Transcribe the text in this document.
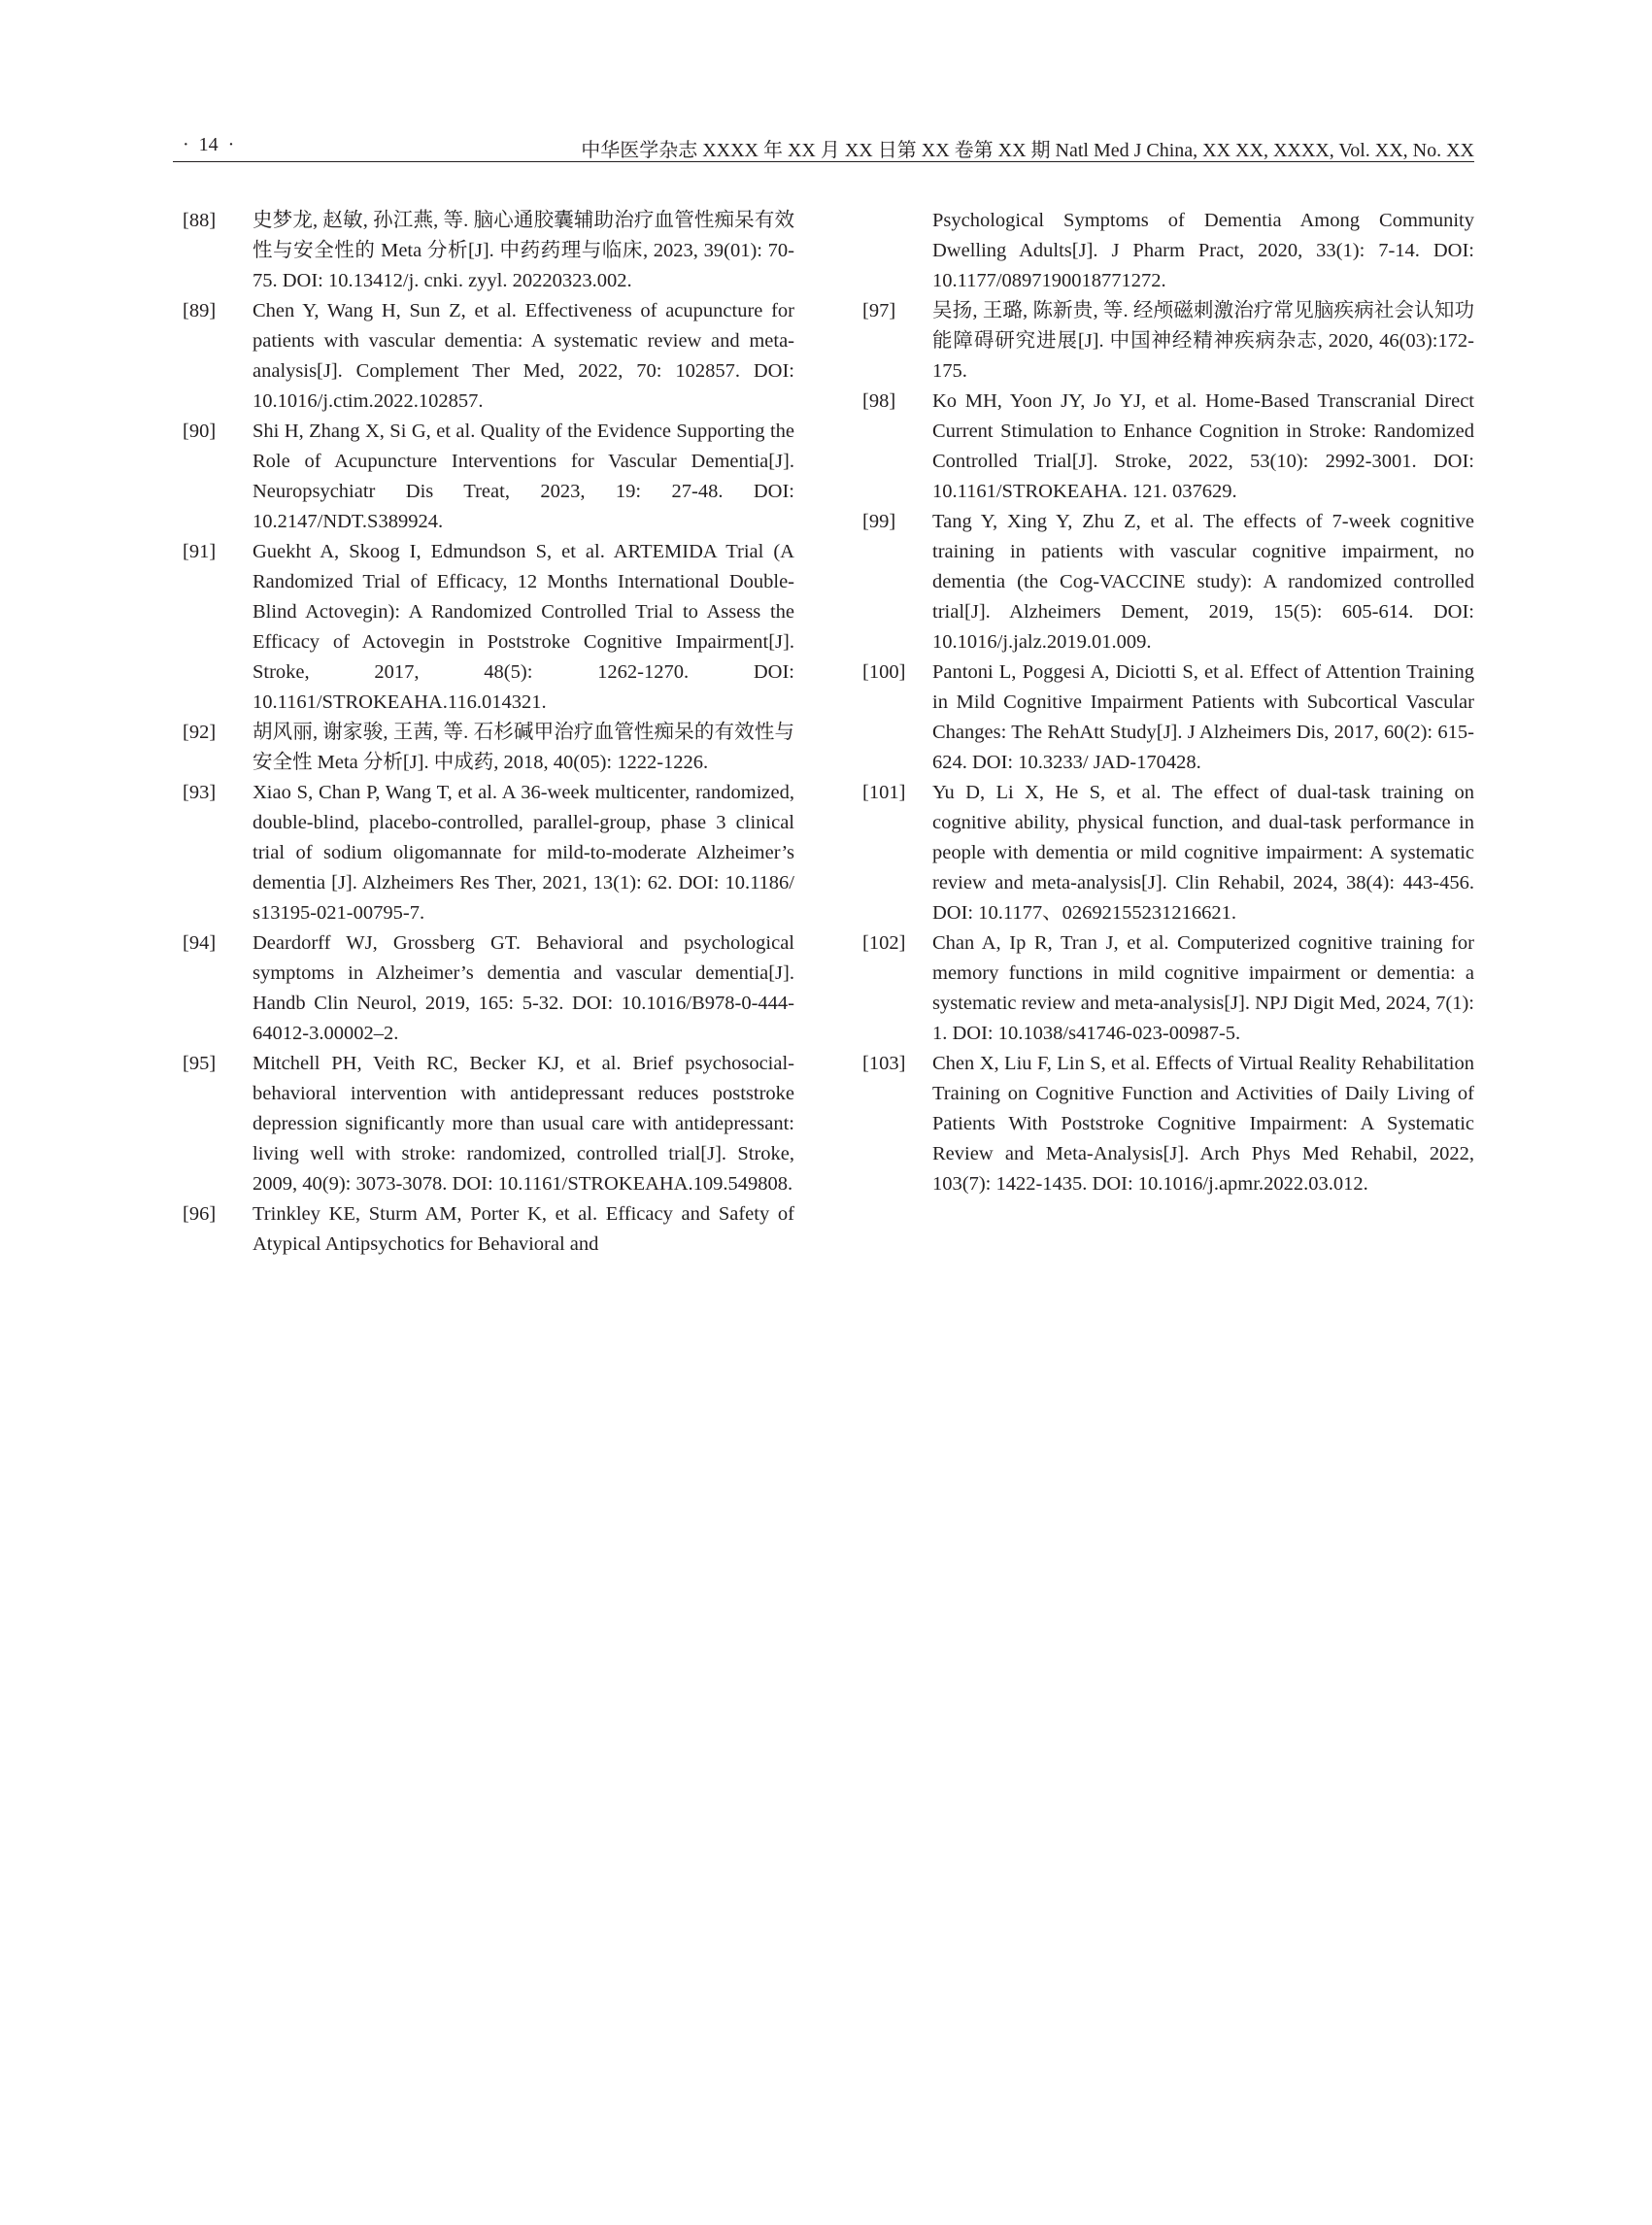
· 14 ·	中华医学杂志 XXXX 年 XX 月 XX 日第 XX 卷第 XX 期 Natl Med J China, XX XX, XXXX, Vol. XX, No. XX
[88]	史梦龙, 赵敏, 孙江燕, 等. 脑心通胶囊辅助治疗血管性痴呆有效性与安全性的 Meta 分析[J]. 中药药理与临床, 2023, 39(01): 70-75. DOI: 10.13412/j. cnki. zyyl. 20220323.002.
[89]	Chen Y, Wang H, Sun Z, et al. Effectiveness of acupuncture for patients with vascular dementia: A systematic review and meta-analysis[J]. Complement Ther Med, 2022, 70: 102857. DOI: 10.1016/j.ctim.2022.102857.
[90]	Shi H, Zhang X, Si G, et al. Quality of the Evidence Supporting the Role of Acupuncture Interventions for Vascular Dementia[J]. Neuropsychiatr Dis Treat, 2023, 19: 27-48. DOI: 10.2147/NDT.S389924.
[91]	Guekht A, Skoog I, Edmundson S, et al. ARTEMIDA Trial (A Randomized Trial of Efficacy, 12 Months International Double-Blind Actovegin): A Randomized Controlled Trial to Assess the Efficacy of Actovegin in Poststroke Cognitive Impairment[J]. Stroke, 2017, 48(5): 1262-1270. DOI: 10.1161/STROKEAHA.116.014321.
[92]	胡风丽, 谢家骏, 王茜, 等. 石杉碱甲治疗血管性痴呆的有效性与安全性 Meta 分析[J]. 中成药, 2018, 40(05): 1222-1226.
[93]	Xiao S, Chan P, Wang T, et al. A 36-week multicenter, randomized, double-blind, placebo-controlled, parallel-group, phase 3 clinical trial of sodium oligomannate for mild-to-moderate Alzheimer’s dementia [J]. Alzheimers Res Ther, 2021, 13(1): 62. DOI: 10.1186/ s13195-021-00795-7.
[94]	Deardorff WJ, Grossberg GT. Behavioral and psychological symptoms in Alzheimer’s dementia and vascular dementia[J]. Handb Clin Neurol, 2019, 165: 5-32. DOI: 10.1016/B978-0-444-64012-3.00002–2.
[95]	Mitchell PH, Veith RC, Becker KJ, et al. Brief psychosocial-behavioral intervention with antidepressant reduces poststroke depression significantly more than usual care with antidepressant: living well with stroke: randomized, controlled trial[J]. Stroke, 2009, 40(9): 3073-3078. DOI: 10.1161/STROKEAHA.109.549808.
[96]	Trinkley KE, Sturm AM, Porter K, et al. Efficacy and Safety of Atypical Antipsychotics for Behavioral and
Psychological Symptoms of Dementia Among Community Dwelling Adults[J]. J Pharm Pract, 2020, 33(1): 7-14. DOI: 10.1177/0897190018771272.
[97]	吴扬, 王璐, 陈新贵, 等. 经颅磁刺激治疗常见脑疾病社会认知功能障碍研究进展[J]. 中国神经精神疾病杂志, 2020, 46(03):172-175.
[98]	Ko MH, Yoon JY, Jo YJ, et al. Home-Based Transcranial Direct Current Stimulation to Enhance Cognition in Stroke: Randomized Controlled Trial[J]. Stroke, 2022, 53(10): 2992-3001. DOI: 10.1161/STROKEAHA. 121. 037629.
[99]	Tang Y, Xing Y, Zhu Z, et al. The effects of 7-week cognitive training in patients with vascular cognitive impairment, no dementia (the Cog-VACCINE study): A randomized controlled trial[J]. Alzheimers Dement, 2019, 15(5): 605-614. DOI: 10.1016/j.jalz.2019.01.009.
[100]	Pantoni L, Poggesi A, Diciotti S, et al. Effect of Attention Training in Mild Cognitive Impairment Patients with Subcortical Vascular Changes: The RehAtt Study[J]. J Alzheimers Dis, 2017, 60(2): 615-624. DOI: 10.3233/ JAD-170428.
[101]	Yu D, Li X, He S, et al. The effect of dual-task training on cognitive ability, physical function, and dual-task performance in people with dementia or mild cognitive impairment: A systematic review and meta-analysis[J]. Clin Rehabil, 2024, 38(4): 443-456. DOI: 10.1177、02692155231216621.
[102]	Chan A, Ip R, Tran J, et al. Computerized cognitive training for memory functions in mild cognitive impairment or dementia: a systematic review and meta-analysis[J]. NPJ Digit Med, 2024, 7(1): 1. DOI: 10.1038/s41746-023-00987-5.
[103]	Chen X, Liu F, Lin S, et al. Effects of Virtual Reality Rehabilitation Training on Cognitive Function and Activities of Daily Living of Patients With Poststroke Cognitive Impairment: A Systematic Review and Meta-Analysis[J]. Arch Phys Med Rehabil, 2022, 103(7): 1422-1435. DOI: 10.1016/j.apmr.2022.03.012.
